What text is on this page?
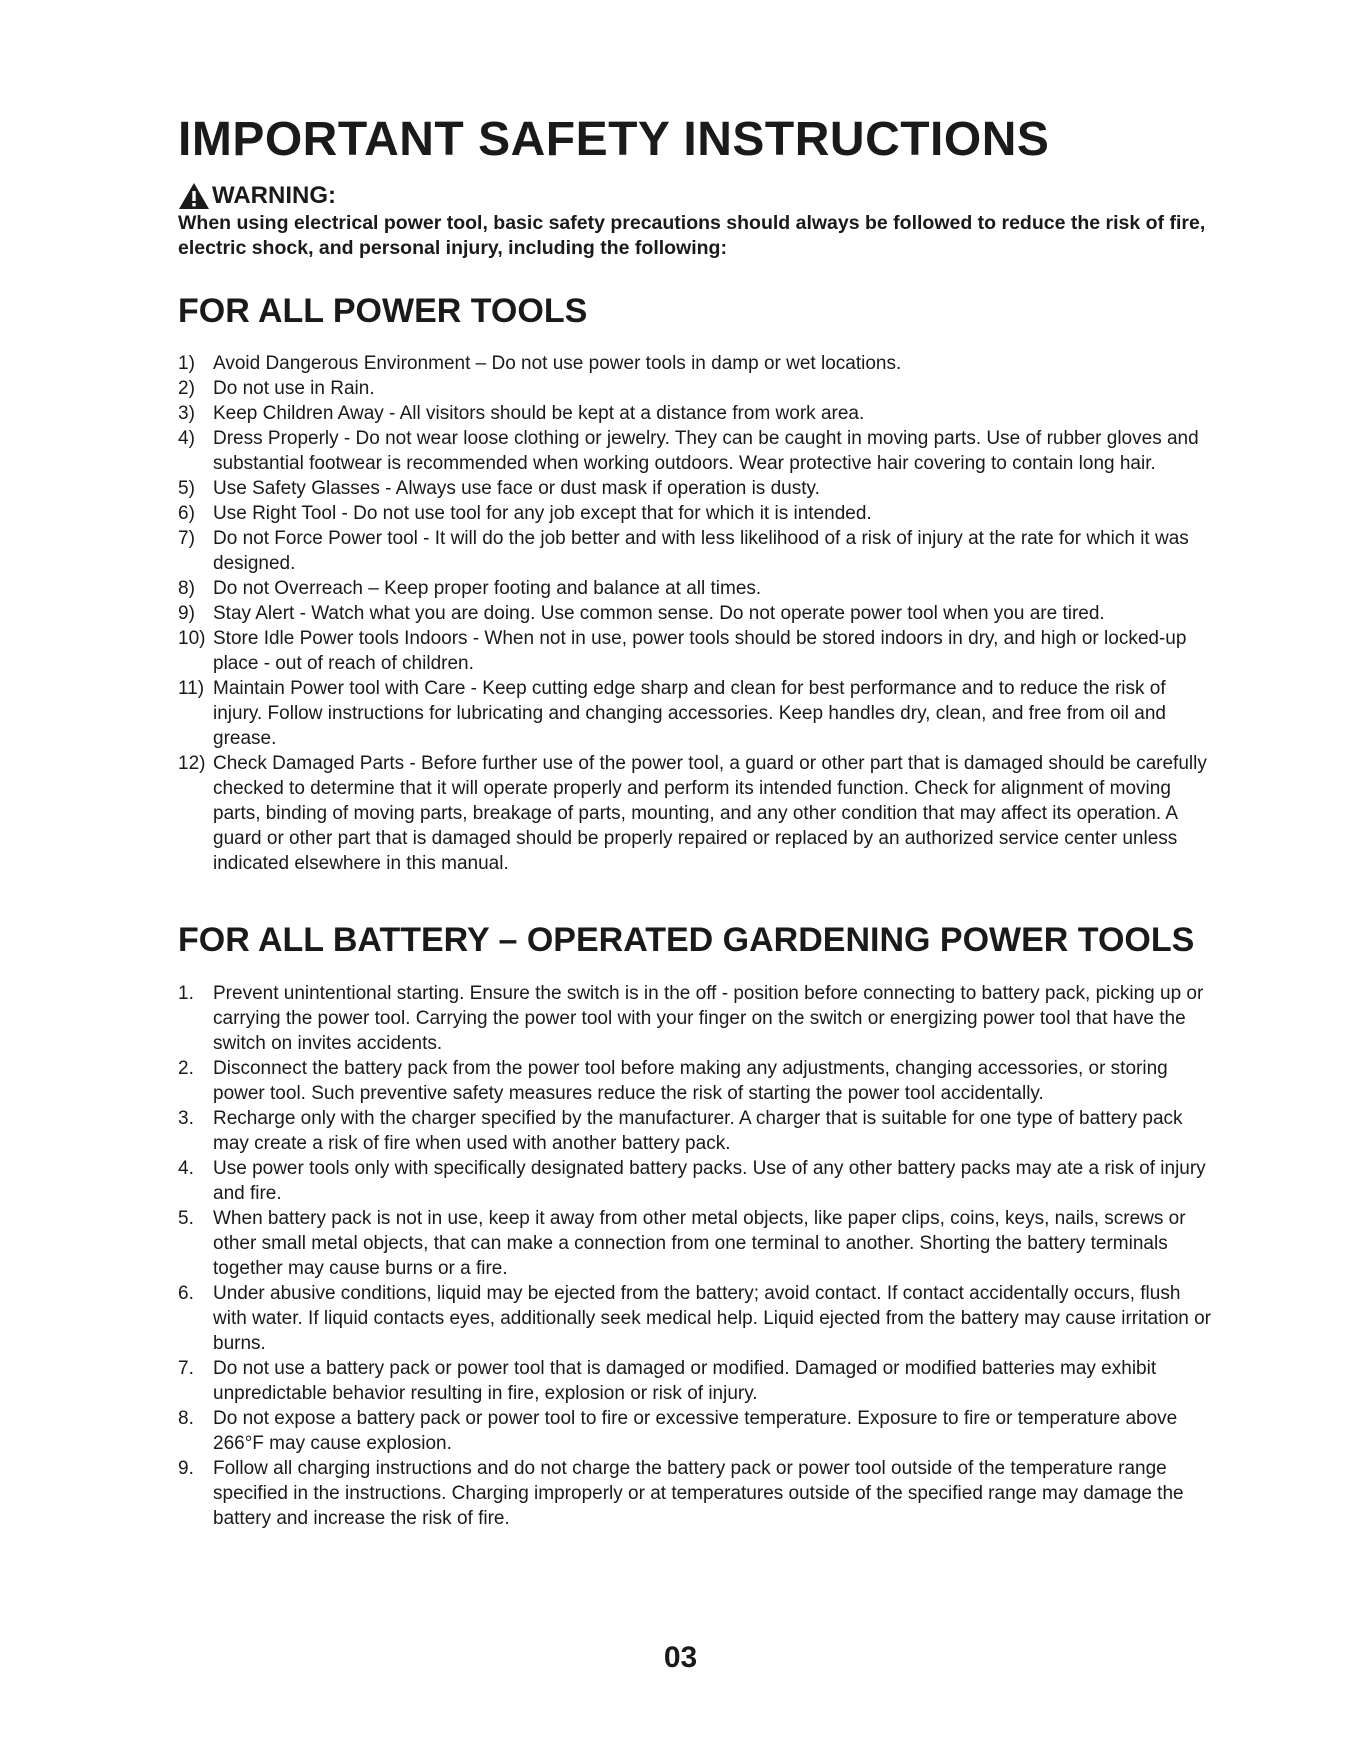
IMPORTANT SAFETY INSTRUCTIONS
WARNING:
When using electrical power tool, basic safety precautions should always be followed to reduce the risk of fire, electric shock, and personal injury, including the following:
FOR ALL POWER TOOLS
1) Avoid Dangerous Environment – Do not use power tools in damp or wet locations.
2) Do not use in Rain.
3) Keep Children Away - All visitors should be kept at a distance from work area.
4) Dress Properly - Do not wear loose clothing or jewelry. They can be caught in moving parts. Use of rubber gloves and substantial footwear is recommended when working outdoors. Wear protective hair covering to contain long hair.
5) Use Safety Glasses - Always use face or dust mask if operation is dusty.
6) Use Right Tool - Do not use tool for any job except that for which it is intended.
7) Do not Force Power tool - It will do the job better and with less likelihood of a risk of injury at the rate for which it was designed.
8) Do not Overreach – Keep proper footing and balance at all times.
9) Stay Alert - Watch what you are doing. Use common sense. Do not operate power tool when you are tired.
10) Store Idle Power tools Indoors - When not in use, power tools should be stored indoors in dry, and high or locked-up place - out of reach of children.
11) Maintain Power tool with Care - Keep cutting edge sharp and clean for best performance and to reduce the risk of injury. Follow instructions for lubricating and changing accessories. Keep handles dry, clean, and free from oil and grease.
12) Check Damaged Parts - Before further use of the power tool, a guard or other part that is damaged should be carefully checked to determine that it will operate properly and perform its intended function. Check for alignment of moving parts, binding of moving parts, breakage of parts, mounting, and any other condition that may affect its operation. A guard or other part that is damaged should be properly repaired or replaced by an authorized service center unless indicated elsewhere in this manual.
FOR ALL BATTERY – OPERATED GARDENING POWER TOOLS
1. Prevent unintentional starting. Ensure the switch is in the off - position before connecting to battery pack, picking up or carrying the power tool. Carrying the power tool with your finger on the switch or energizing power tool that have the switch on invites accidents.
2. Disconnect the battery pack from the power tool before making any adjustments, changing accessories, or storing power tool. Such preventive safety measures reduce the risk of starting the power tool accidentally.
3. Recharge only with the charger specified by the manufacturer. A charger that is suitable for one type of battery pack may create a risk of fire when used with another battery pack.
4. Use power tools only with specifically designated battery packs. Use of any other battery packs may ate a risk of injury and fire.
5. When battery pack is not in use, keep it away from other metal objects, like paper clips, coins, keys, nails, screws or other small metal objects, that can make a connection from one terminal to another. Shorting the battery terminals together may cause burns or a fire.
6. Under abusive conditions, liquid may be ejected from the battery; avoid contact. If contact accidentally occurs, flush with water. If liquid contacts eyes, additionally seek medical help. Liquid ejected from the battery may cause irritation or burns.
7. Do not use a battery pack or power tool that is damaged or modified. Damaged or modified batteries may exhibit unpredictable behavior resulting in fire, explosion or risk of injury.
8. Do not expose a battery pack or power tool to fire or excessive temperature. Exposure to fire or temperature above 266°F may cause explosion.
9. Follow all charging instructions and do not charge the battery pack or power tool outside of the temperature range specified in the instructions. Charging improperly or at temperatures outside of the specified range may damage the battery and increase the risk of fire.
03
